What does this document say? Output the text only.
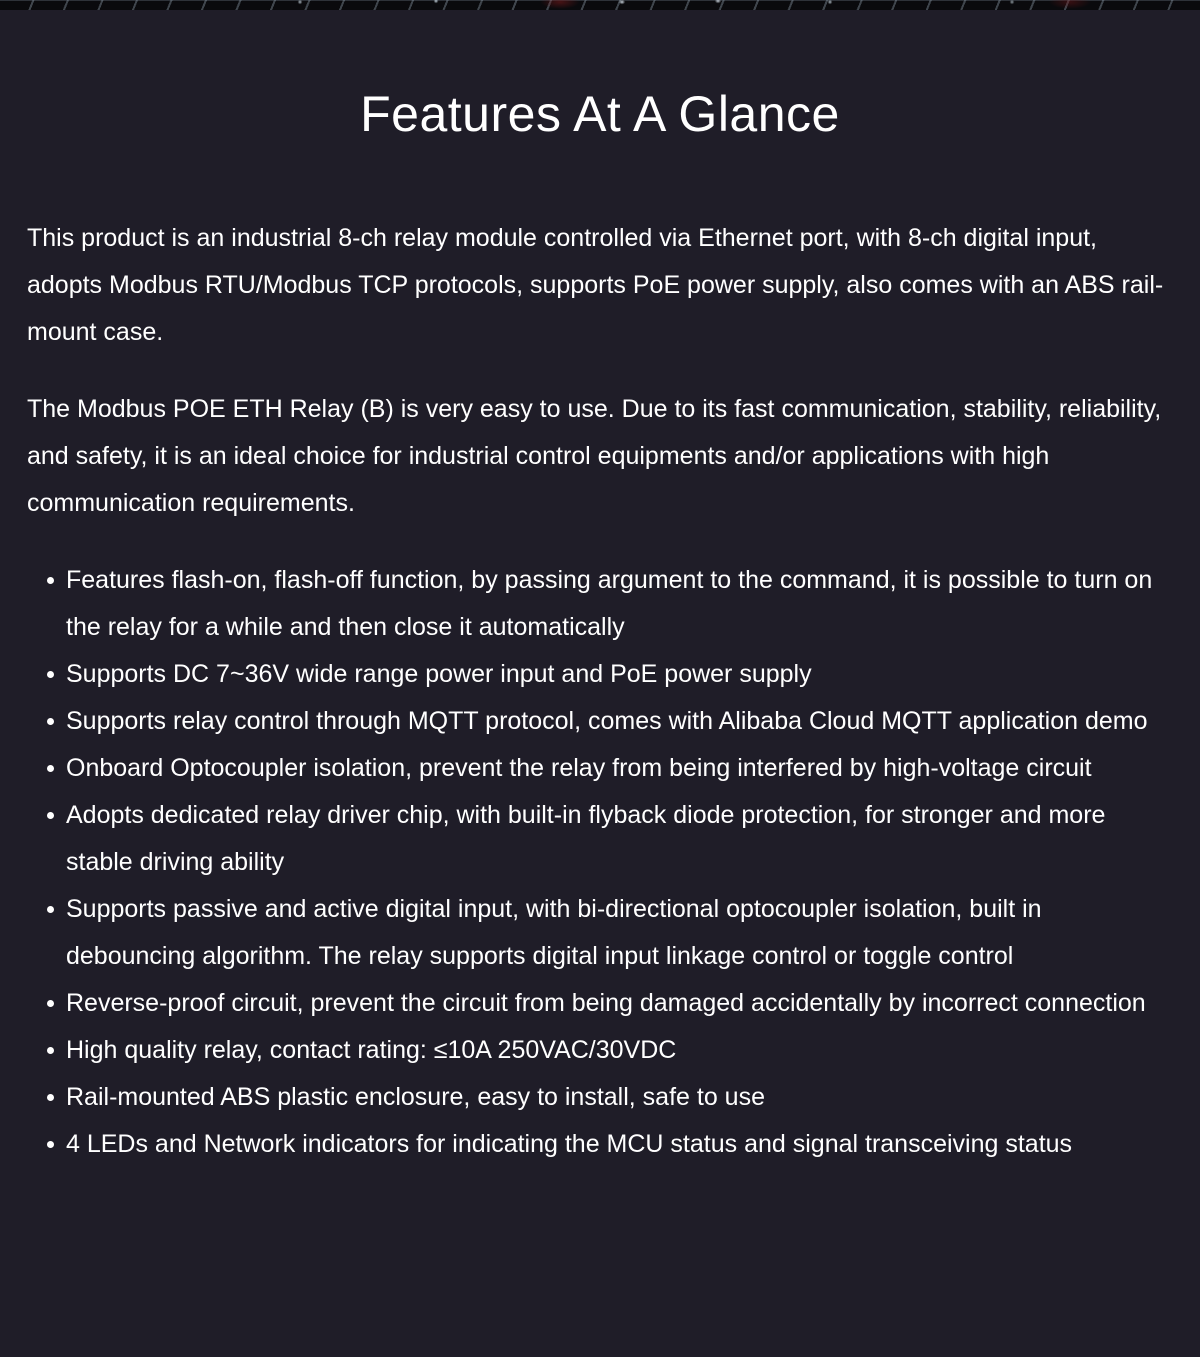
Features At A Glance

This product is an industrial 8-ch relay module controlled via Ethernet port, with 8-ch digital input, adopts Modbus RTU/Modbus TCP protocols, supports PoE power supply, also comes with an ABS rail-mount case.

The Modbus POE ETH Relay (B) is very easy to use. Due to its fast communication, stability, reliability, and safety, it is an ideal choice for industrial control equipments and/or applications with high communication requirements.

Features flash-on, flash-off function, by passing argument to the command, it is possible to turn on the relay for a while and then close it automatically
Supports DC 7~36V wide range power input and PoE power supply
Supports relay control through MQTT protocol, comes with Alibaba Cloud MQTT application demo
Onboard Optocoupler isolation, prevent the relay from being interfered by high-voltage circuit
Adopts dedicated relay driver chip, with built-in flyback diode protection, for stronger and more stable driving ability
Supports passive and active digital input, with bi-directional optocoupler isolation, built in debouncing algorithm. The relay supports digital input linkage control or toggle control
Reverse-proof circuit, prevent the circuit from being damaged accidentally by incorrect connection
High quality relay, contact rating: ≤10A 250VAC/30VDC
Rail-mounted ABS plastic enclosure, easy to install, safe to use
4 LEDs and Network indicators for indicating the MCU status and signal transceiving status
